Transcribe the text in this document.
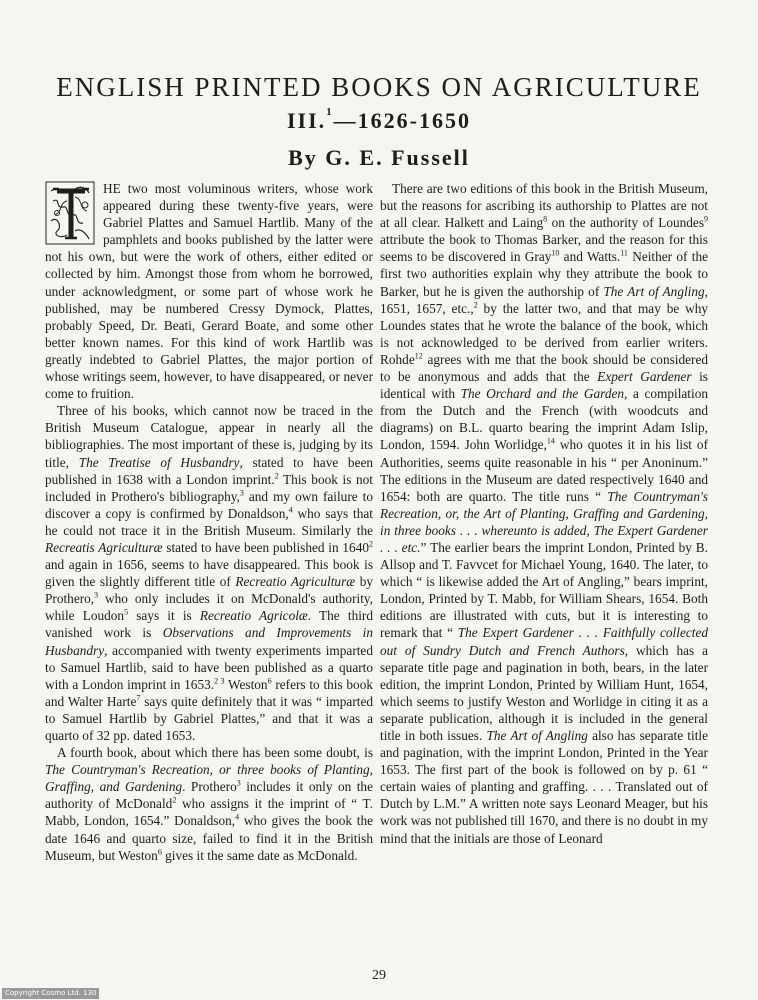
ENGLISH PRINTED BOOKS ON AGRICULTURE
III.$^1$—1626-1650
By G. E. Fussell

HE two most voluminous writers, whose work appeared during these twenty-five years, were Gabriel Plattes and Samuel Hartlib. Many of the pamphlets and books published by the latter were not his own, but were the work of others, either edited or collected by him. Amongst those from whom he borrowed, under acknowledgment, or some part of whose work he published, may be numbered Cressy Dymock, Plattes, probably Speed, Dr. Beati, Gerard Boate, and some other better known names. For this kind of work Hartlib was greatly indebted to Gabriel Plattes, the major portion of whose writings seem, however, to have disappeared, or never come to fruition.

Three of his books, which cannot now be traced in the British Museum Catalogue, appear in nearly all the bibliographies. The most important of these is, judging by its title, The Treatise of Husbandry, stated to have been published in 1638 with a London imprint.$^2$ This book is not included in Prothero's bibliography,$^3$ and my own failure to discover a copy is confirmed by Donaldson,$^4$ who says that he could not trace it in the British Museum. Similarly the Recreatis Agriculturæ stated to have been published in 1640$^2$ and again in 1656, seems to have disappeared. This book is given the slightly different title of Recreatio Agriculturæ by Prothero,$^3$ who only includes it on McDonald's authority, while Loudon$^5$ says it is Recreatio Agricolæ. The third vanished work is Observations and Improvements in Husbandry, accompanied with twenty experiments imparted to Samuel Hartlib, said to have been published as a quarto with a London imprint in 1653.$^{2 3}$ Weston$^6$ refers to this book and Walter Harte$^7$ says quite definitely that it was “ imparted to Samuel Hartlib by Gabriel Plattes,” and that it was a quarto of 32 pp. dated 1653.

A fourth book, about which there has been some doubt, is The Countryman's Recreation, or three books of Planting, Graffing, and Gardening. Prothero$^3$ includes it only on the authority of McDonald$^2$ who assigns it the imprint of “ T. Mabb, London, 1654.” Donaldson,$^4$ who gives the book the date 1646 and quarto size, failed to find it in the British Museum, but Weston$^6$ gives it the same date as McDonald.

There are two editions of this book in the British Museum, but the reasons for ascribing its authorship to Plattes are not at all clear. Halkett and Laing$^8$ on the authority of Loundes$^9$ attribute the book to Thomas Barker, and the reason for this seems to be discovered in Gray$^{10}$ and Watts.$^{11}$ Neither of the first two authorities explain why they attribute the book to Barker, but he is given the authorship of The Art of Angling, 1651, 1657, etc.,$^2$ by the latter two, and that may be why Loundes states that he wrote the balance of the book, which is not acknowledged to be derived from earlier writers. Rohde$^{12}$ agrees with me that the book should be considered to be anonymous and adds that the Expert Gardener is identical with The Orchard and the Garden, a compilation from the Dutch and the French (with woodcuts and diagrams) on B.L. quarto bearing the imprint Adam Islip, London, 1594. John Worlidge,$^{14}$ who quotes it in his list of Authorities, seems quite reasonable in his “ per Anoninum.” The editions in the Museum are dated respectively 1640 and 1654: both are quarto. The title runs “ The Countryman's Recreation, or, the Art of Planting, Graffing and Gardening, in three books . . . whereunto is added, The Expert Gardener . . . etc.” The earlier bears the imprint London, Printed by B. Allsop and T. Favvcet for Michael Young, 1640. The later, to which “ is likewise added the Art of Angling,” bears imprint, London, Printed by T. Mabb, for William Shears, 1654. Both editions are illustrated with cuts, but it is interesting to remark that “ The Expert Gardener . . . Faithfully collected out of Sundry Dutch and French Authors, which has a separate title page and pagination in both, bears, in the later edition, the imprint London, Printed by William Hunt, 1654, which seems to justify Weston and Worlidge in citing it as a separate publication, although it is included in the general title in both issues. The Art of Angling also has separate title and pagination, with the imprint London, Printed in the Year 1653. The first part of the book is followed on by p. 61 “ certain waies of planting and graffing. . . . Translated out of Dutch by L.M.” A written note says Leonard Meager, but his work was not published till 1670, and there is no doubt in my mind that the initials are those of Leonard

29
Copyright Cosmo Ltd. 130
